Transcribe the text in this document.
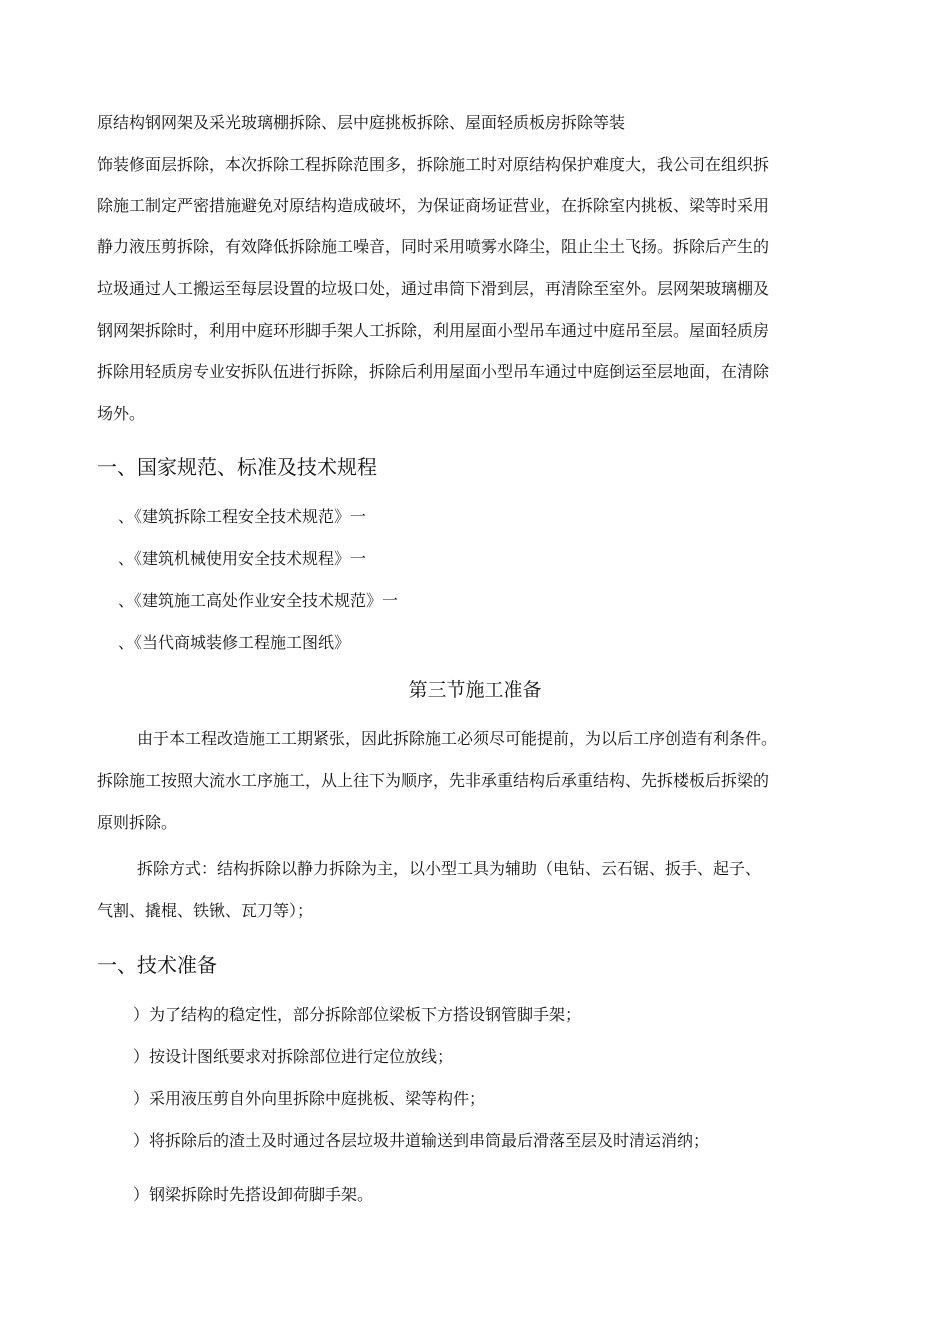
原结构钢网架及采光玻璃棚拆除、层中庭挑板拆除、屋面轻质板房拆除等装

饰装修面层拆除，本次拆除工程拆除范围多，拆除施工时对原结构保护难度大，我公司在组织拆

除施工制定严密措施避免对原结构造成破坏，为保证商场证营业，在拆除室内挑板、梁等时采用

静力液压剪拆除，有效降低拆除施工噪音，同时采用喷雾水降尘，阻止尘土飞扬。拆除后产生的

垃圾通过人工搬运至每层设置的垃圾口处，通过串筒下滑到层，再清除至室外。层网架玻璃棚及

钢网架拆除时，利用中庭环形脚手架人工拆除，利用屋面小型吊车通过中庭吊至层。屋面轻质房

拆除用轻质房专业安拆队伍进行拆除，拆除后利用屋面小型吊车通过中庭倒运至层地面，在清除

场外。

一、国家规范、标准及技术规程

、《建筑拆除工程安全技术规范》一

、《建筑机械使用安全技术规程》一

、《建筑施工高处作业安全技术规范》一

、《当代商城装修工程施工图纸》

第三节施工准备

由于本工程改造施工工期紧张，因此拆除施工必须尽可能提前，为以后工序创造有利条件。

拆除施工按照大流水工序施工，从上往下为顺序，先非承重结构后承重结构、先拆楼板后拆梁的

原则拆除。

拆除方式：结构拆除以静力拆除为主，以小型工具为辅助（电钻、云石锯、扳手、起子、

气割、撬棍、铁锹、瓦刀等）；

一、技术准备

）为了结构的稳定性，部分拆除部位梁板下方搭设钢管脚手架；

）按设计图纸要求对拆除部位进行定位放线；

）采用液压剪自外向里拆除中庭挑板、梁等构件；

）将拆除后的渣土及时通过各层垃圾井道输送到串筒最后滑落至层及时清运消纳；

）钢梁拆除时先搭设卸荷脚手架。
